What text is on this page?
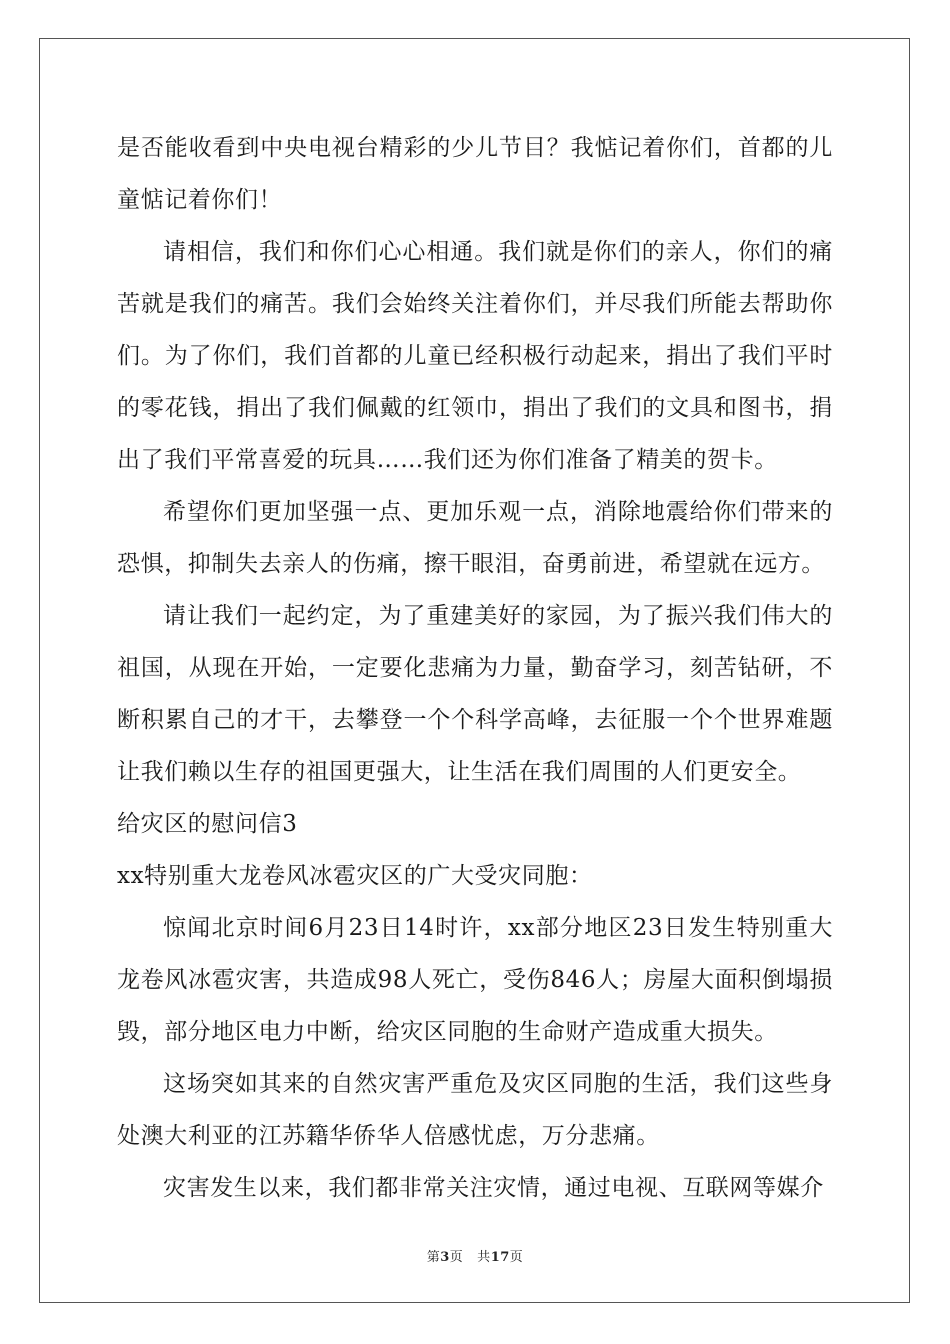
是否能收看到中央电视台精彩的少儿节目？我惦记着你们，首都的儿童惦记着你们！

请相信，我们和你们心心相通。我们就是你们的亲人，你们的痛苦就是我们的痛苦。我们会始终关注着你们，并尽我们所能去帮助你们。为了你们，我们首都的儿童已经积极行动起来，捐出了我们平时的零花钱，捐出了我们佩戴的红领巾，捐出了我们的文具和图书，捐出了我们平常喜爱的玩具……我们还为你们准备了精美的贺卡。

希望你们更加坚强一点、更加乐观一点，消除地震给你们带来的恐惧，抑制失去亲人的伤痛，擦干眼泪，奋勇前进，希望就在远方。

请让我们一起约定，为了重建美好的家园，为了振兴我们伟大的祖国，从现在开始，一定要化悲痛为力量，勤奋学习，刻苦钻研，不断积累自己的才干，去攀登一个个科学高峰，去征服一个个世界难题让我们赖以生存的祖国更强大，让生活在我们周围的人们更安全。

给灾区的慰问信3

xx特别重大龙卷风冰雹灾区的广大受灾同胞：

惊闻北京时间6月23日14时许，xx部分地区23日发生特别重大龙卷风冰雹灾害，共造成98人死亡，受伤846人；房屋大面积倒塌损毁，部分地区电力中断，给灾区同胞的生命财产造成重大损失。

这场突如其来的自然灾害严重危及灾区同胞的生活，我们这些身处澳大利亚的江苏籍华侨华人倍感忧虑，万分悲痛。

灾害发生以来，我们都非常关注灾情，通过电视、互联网等媒介

第3页 共17页
